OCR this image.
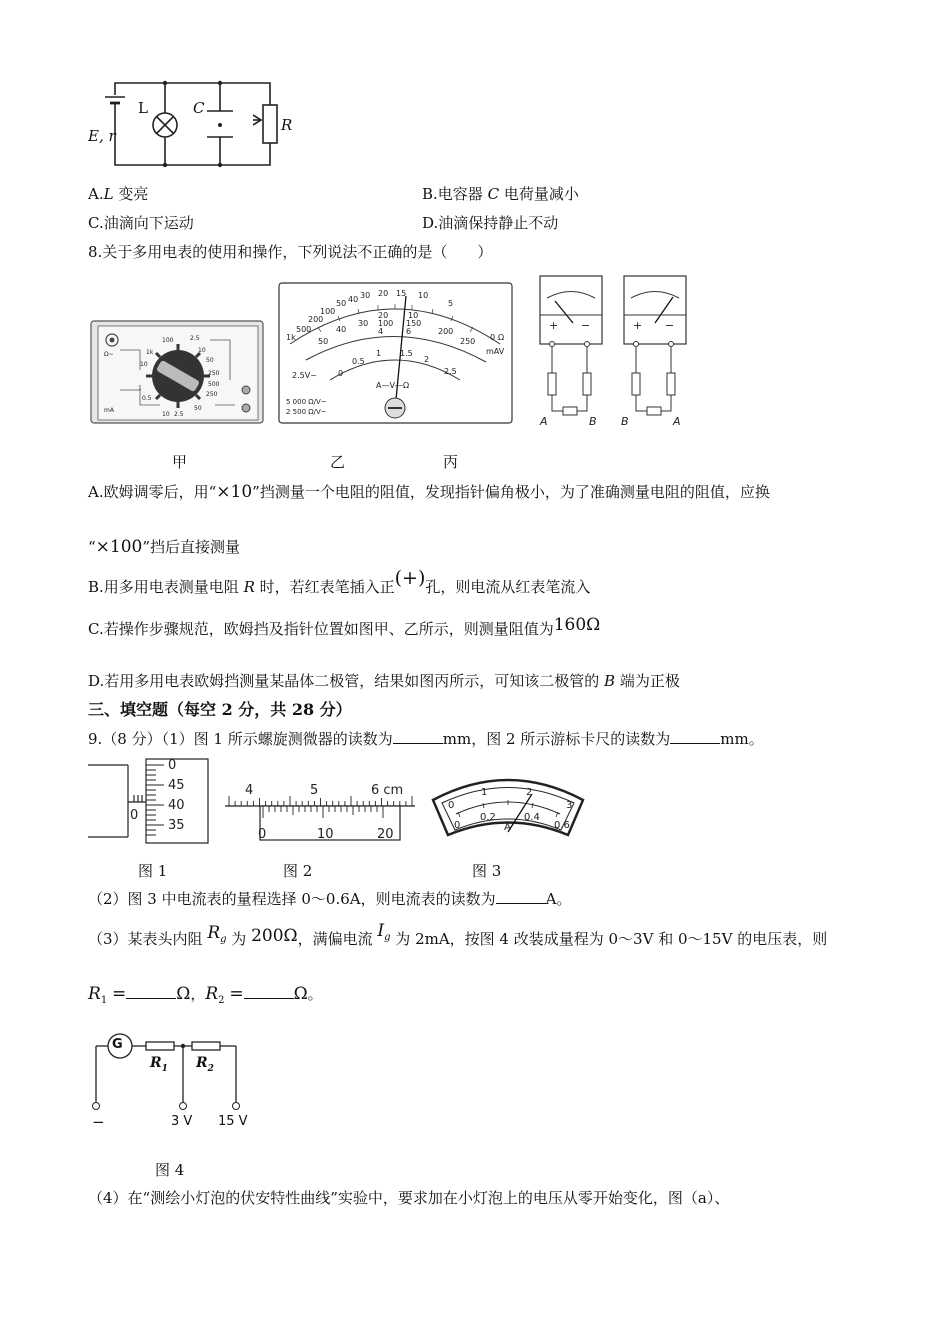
E, r
L	C
R
A.L 变亮	B.电容器 C 电荷量减小
C.油滴向下运动	D.油滴保持静止不动
8.关于多用电表的使用和操作，下列说法不正确的是（　　）
100	2.5
10
50
250
500
250
50
2.5
10
0.5
1
10
1k
Ω~
mA
1k
500
200
100
50 40 30 20 15 10
5
0 Ω
50
40
30
20 10
100 150
4	6	200
250
mAV
0
0.5
1 1.5
2
2.5
2.5V~
A—V—Ω
5 000 Ω/V~
2 500 Ω/V~
+ −
A	B
+ −
B	A
甲	乙	丙
A.欧姆调零后，用“×10”挡测量一个电阻的阻值，发现指针偏角极小，为了准确测量电阻的阻值，应换
“×100”挡后直接测量
B.用多用电表测量电阻 R 时，若红表笔插入正(+)孔，则电流从红表笔流入
C.若操作步骤规范，欧姆挡及指针位置如图甲、乙所示，则测量阻值为160Ω
D.若用多用电表欧姆挡测量某晶体二极管，结果如图丙所示，可知该二极管的 B 端为正极
三、填空题（每空 2 分，共 28 分）
9.（8 分）（1）图 1 所示螺旋测微器的读数为	mm，图 2 所示游标卡尺的读数为	mm。
0
45
40
35
0
4	5	6 cm
0	10	20
0
1	2
3
0
0.2	0.4
0.6
A
图 1	图 2	图 3
（2）图 3 中电流表的量程选择 0～0.6A，则电流表的读数为	A。
（3）某表头内阻 $R_g$ 为 200Ω，满偏电流 $I_g$ 为 2mA，按图 4 改装成量程为 0～3V 和 0～15V 的电压表，则
$R_1$ =	Ω，$R_2$ =	Ω。
G
$R_1$ $R_2$
−	3 V 15 V
图 4
（4）在“测绘小灯泡的伏安特性曲线”实验中，要求加在小灯泡上的电压从零开始变化，图（a）、
